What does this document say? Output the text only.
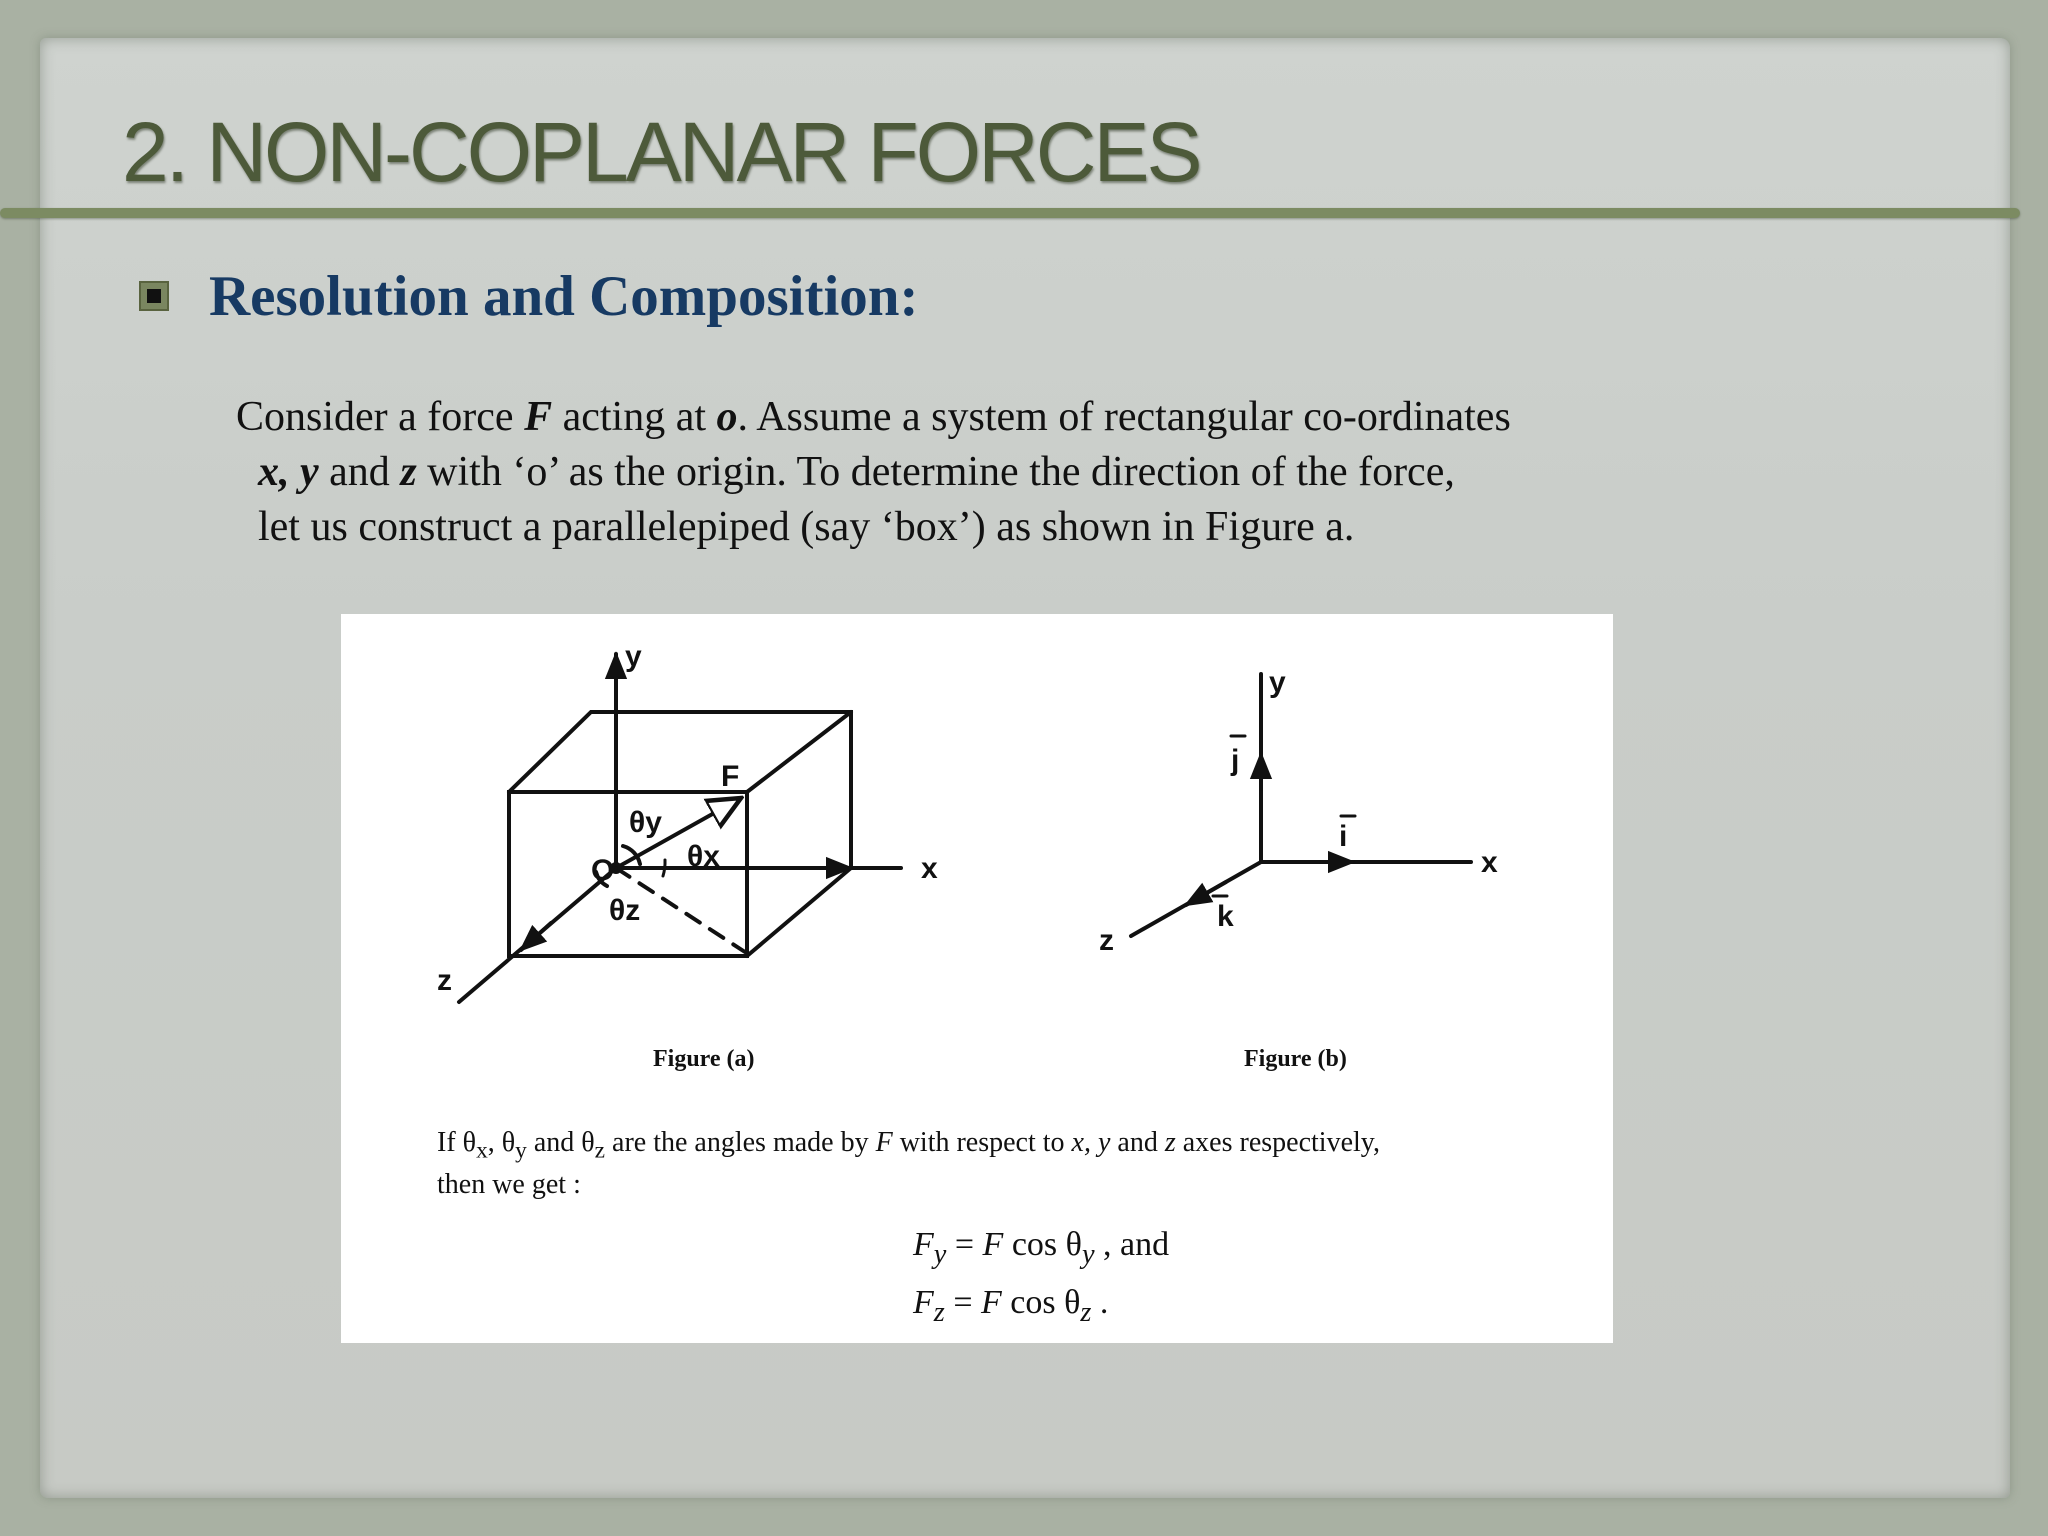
2. NON-COPLANAR FORCES
Resolution and Composition:

Consider a force F acting at o. Assume a system of rectangular co-ordinates
x, y and z with ‘o’ as the origin. To determine the direction of the force,
let us construct a parallelepiped (say ‘box’) as shown in Figure a.

y
x
z
O
F
θy
θx
θz
y
x
z
j
i
k
Figure (a)	Figure (b)
If $\theta_x$, $\theta_y$ and $\theta_z$ are the angles made by F with respect to x, y and z axes respectively,
then we get :
$F_y = F$ $\cos \theta_y$ , and
$F_z = F$ $\cos \theta_z$ .
